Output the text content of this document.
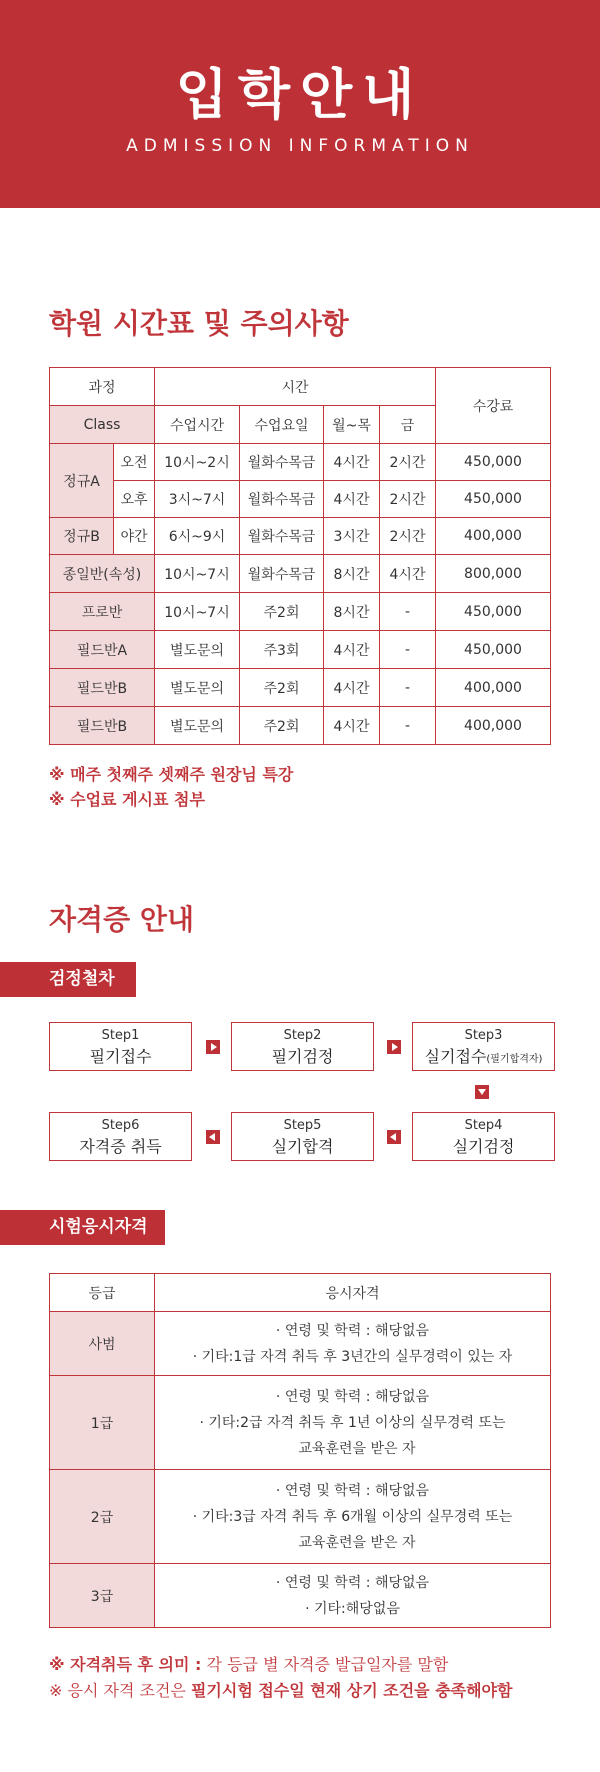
입학안내
ADMISSION INFORMATION
학원 시간표 및 주의사항
과정		시간				수강료
Class		수업시간	수업요일	월~목	금	
정규A	오전	10시~2시	월화수목금	4시간	2시간	450,000
	오후	3시~7시	월화수목금	4시간	2시간	450,000
정규B	야간	6시~9시	월화수목금	3시간	2시간	400,000
종일반(속성)		10시~7시	월화수목금	8시간	4시간	800,000
프로반		10시~7시	주2회	8시간	-	450,000
필드반A		별도문의	주3회	4시간	-	450,000
필드반B		별도문의	주2회	4시간	-	400,000
필드반B		별도문의	주2회	4시간	-	400,000
※ 매주 첫째주 셋째주 원장님 특강
※ 수업료 게시표 첨부
자격증 안내
검정철차
Step1
필기접수
Step2
필기검정
Step3
실기접수(필기합격자)
Step6
자격증 취득
Step5
실기합격
Step4
실기검정
시험응시자격
등급	응시자격
사범	· 연령 및 학력 : 해당없음
· 기타:1급 자격 취득 후 3년간의 실무경력이 있는 자

1급	· 연령 및 학력 : 해당없음
· 기타:2급 자격 취득 후 1년 이상의 실무경력 또는
교육훈련을 받은 자

2급	· 연령 및 학력 : 해당없음
· 기타:3급 자격 취득 후 6개월 이상의 실무경력 또는
교육훈련을 받은 자

3급	· 연령 및 학력 : 해당없음
· 기타:해당없음
※ 자격취득 후 의미 : 각 등급 별 자격증 발급일자를 말함
※ 응시 자격 조건은 필기시험 접수일 현재 상기 조건을 충족해야함
